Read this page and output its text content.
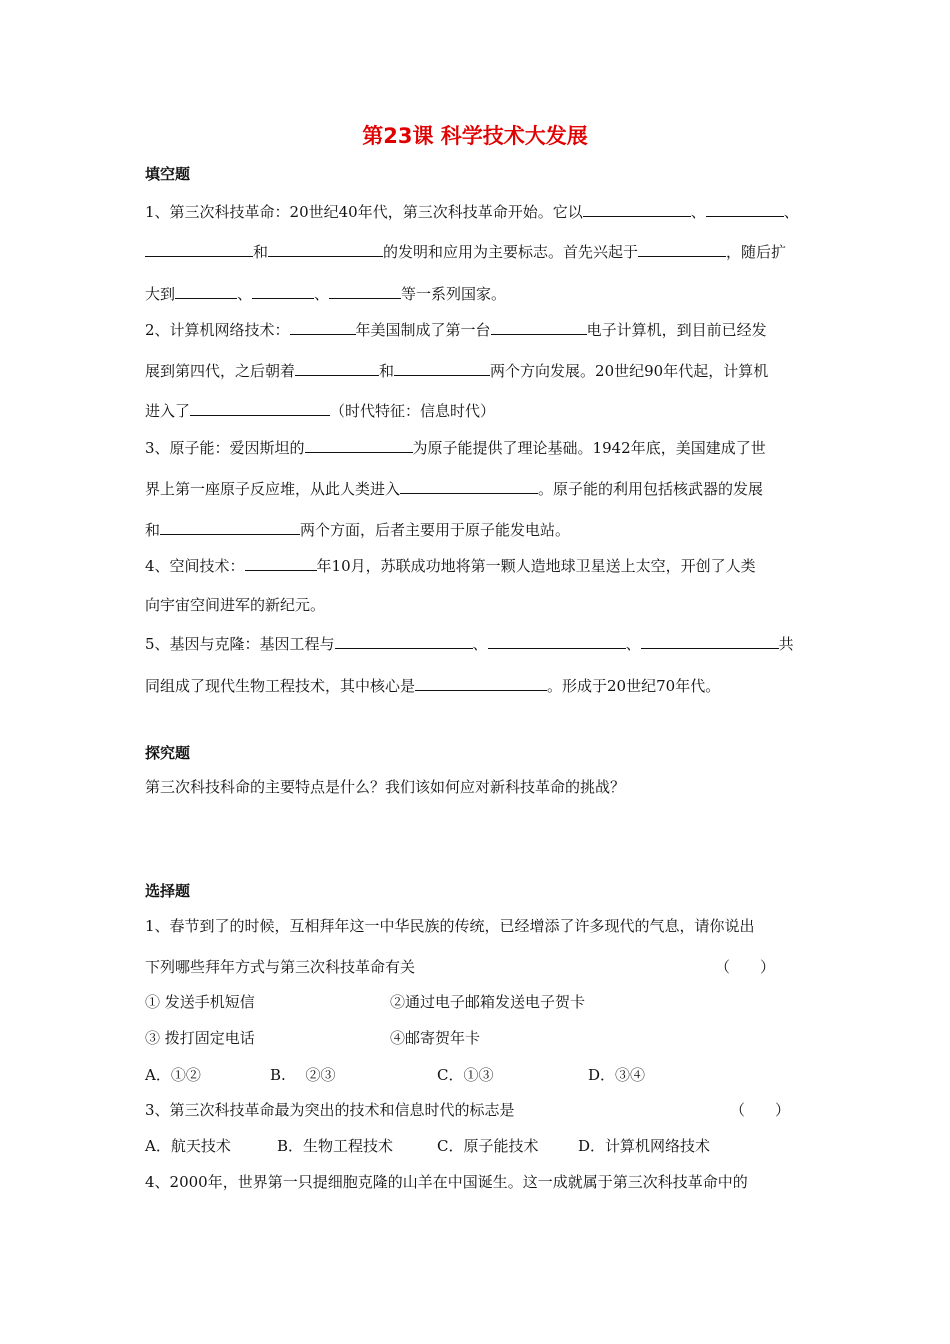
第23课 科学技术大发展
填空题
1、第三次科技革命：20世纪40年代，第三次科技革命开始。它以	、	、
和	的发明和应用为主要标志。首先兴起于	，随后扩
大到	、	、	等一系列国家。
2、计算机网络技术：	年美国制成了第一台	电子计算机，到目前已经发
展到第四代，之后朝着	和	两个方向发展。20世纪90年代起，计算机
进入了	（时代特征：信息时代）
3、原子能：爱因斯坦的	为原子能提供了理论基础。1942年底，美国建成了世
界上第一座原子反应堆，从此人类进入	。原子能的利用包括核武器的发展
和	两个方面，后者主要用于原子能发电站。
4、空间技术：	年10月，苏联成功地将第一颗人造地球卫星送上太空，开创了人类
向宇宙空间进军的新纪元。
5、基因与克隆：基因工程与	、	、	共
同组成了现代生物工程技术，其中核心是	。形成于20世纪70年代。
探究题
第三次科技科命的主要特点是什么？我们该如何应对新科技革命的挑战？
选择题
1、春节到了的时候，互相拜年这一中华民族的传统，已经增添了许多现代的气息，请你说出
下列哪些拜年方式与第三次科技革命有关	（　　）
① 发送手机短信	②通过电子邮箱发送电子贺卡
③ 拨打固定电话	④邮寄贺年卡
A．①②	B.　 ②③	C．①③	D．③④
3、第三次科技革命最为突出的技术和信息时代的标志是	（　　）
A．航天技术	B．生物工程技术	C．原子能技术	D．计算机网络技术
4、2000年，世界第一只提细胞克隆的山羊在中国诞生。这一成就属于第三次科技革命中的
